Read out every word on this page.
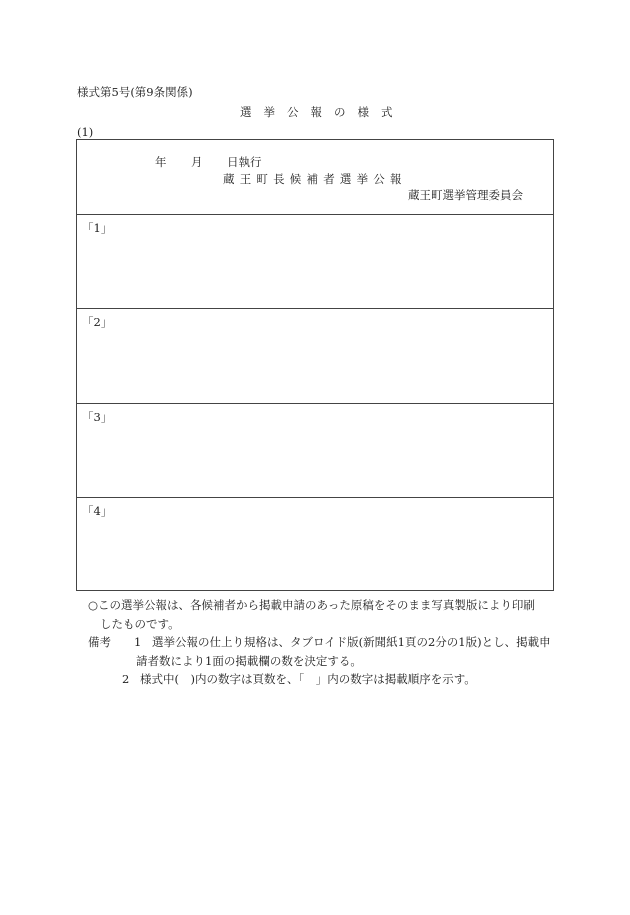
様式第5号(第9条関係)
選挙公報の様式
(1)
年 月 日執行
蔵王町長候補者選挙公報
蔵王町選挙管理委員会
「1」
「2」
「3」
「4」
○この選挙公報は、各候補者から掲載申請のあった原稿をそのまま写真製版により印刷
したものです。
備考 1 選挙公報の仕上り規格は、タブロイド版(新聞紙1頁の2分の1版)とし、掲載申
請者数により1面の掲載欄の数を決定する。
2 様式中(　)内の数字は頁数を、「　」内の数字は掲載順序を示す。
